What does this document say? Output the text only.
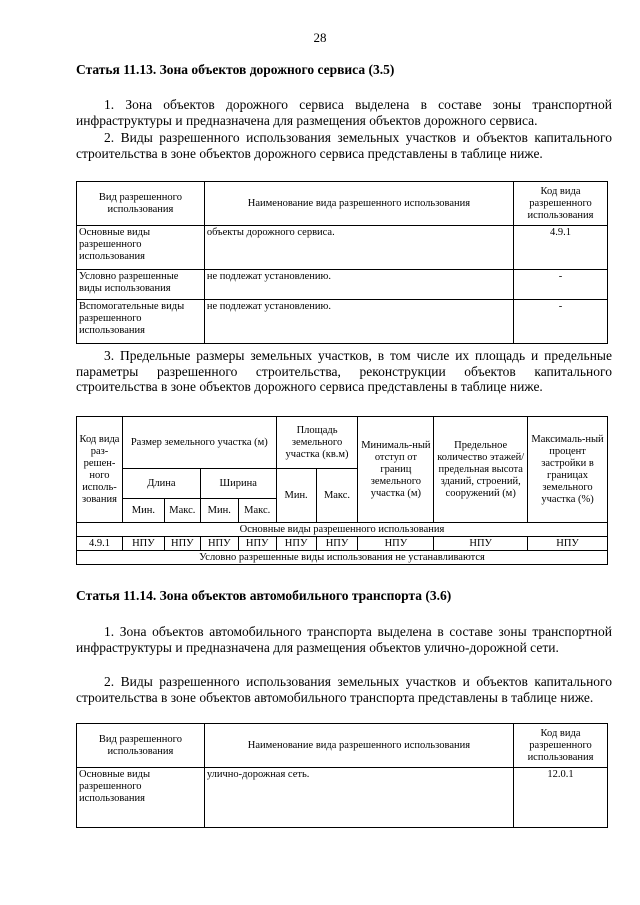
28
Статья 11.13. Зона объектов дорожного сервиса (3.5)
1. Зона объектов дорожного сервиса выделена в составе зоны транспортной инфраструктуры и предназначена для размещения объектов дорожного сервиса.
2. Виды разрешенного использования земельных участков и объектов капитального строительства в зоне объектов дорожного сервиса представлены в таблице ниже.
Вид разрешенного использования	Наименование вида разрешенного использования	Код вида разрешенного использования
Основные виды разрешенного использования	объекты дорожного сервиса.	4.9.1
Условно разрешенные виды использования	не подлежат установлению.	-
Вспомогательные виды разрешенного использования	не подлежат установлению.	-
3. Предельные размеры земельных участков, в том числе их площадь и предельные параметры разрешенного строительства, реконструкции объектов капитального строительства в зоне объектов дорожного сервиса представлены в таблице ниже.
Код вида раз-решен-ного исполь-зования	Размер земельного участка (м)				Площадь земельного участка (кв.м)		Минималь-ный отступ от границ земельного участка (м)	Предельное количество этажей/ предельная высота зданий, строений, сооружений (м)	Максималь-ный процент застройки в границах земельного участка (%)
	Длина		Ширина		Мин.	Макс.			
	Мин.	Макс.	Мин.	Макс.					
Основные виды разрешенного использования									
4.9.1	НПУ	НПУ	НПУ	НПУ	НПУ	НПУ	НПУ	НПУ	НПУ
Условно разрешенные виды использования не устанавливаются									
Статья 11.14. Зона объектов автомобильного транспорта (3.6)
1. Зона объектов автомобильного транспорта выделена в составе зоны транспортной инфраструктуры и предназначена для размещения объектов улично-дорожной сети.
2. Виды разрешенного использования земельных участков и объектов капитального строительства в зоне объектов автомобильного транспорта представлены в таблице ниже.
Вид разрешенного использования	Наименование вида разрешенного использования	Код вида разрешенного использования
Основные виды разрешенного использования	улично-дорожная сеть.	12.0.1
